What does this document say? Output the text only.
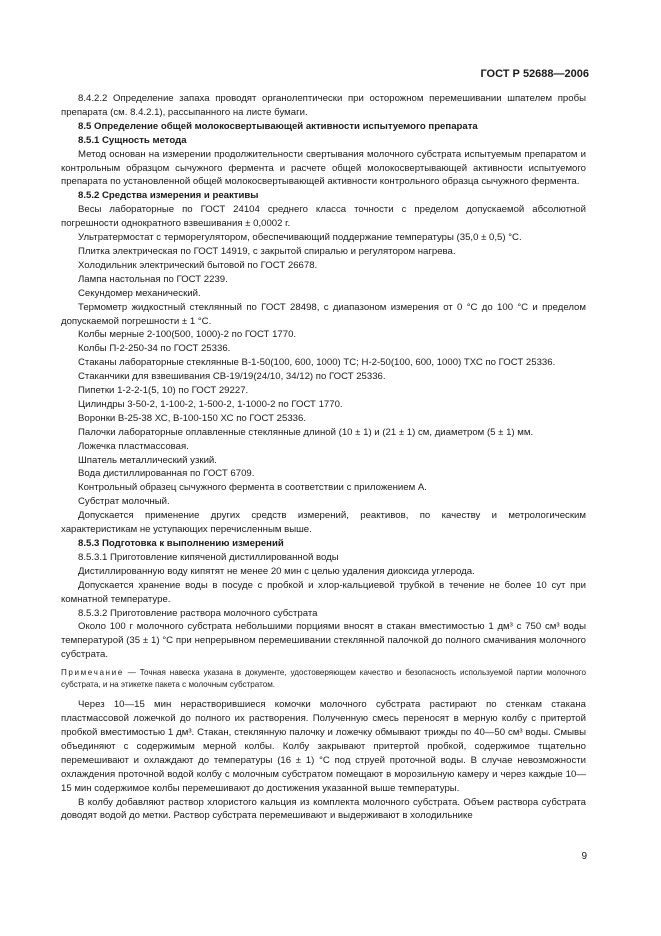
ГОСТ Р 52688—2006

8.4.2.2 Определение запаха проводят органолептически при осторожном перемешивании шпателем пробы препарата (см. 8.4.2.1), рассыпанного на листе бумаги.

8.5 Определение общей молокосвертывающей активности испытуемого препарата

8.5.1 Сущность метода

Метод основан на измерении продолжительности свертывания молочного субстрата испытуемым препаратом и контрольным образцом сычужного фермента и расчете общей молокосвертывающей активности испытуемого препарата по установленной общей молокосвертывающей активности контрольного образца сычужного фермента.

8.5.2 Средства измерения и реактивы

Весы лабораторные по ГОСТ 24104 среднего класса точности с пределом допускаемой абсолютной погрешности однократного взвешивания ± 0,0002 г.

Ультратермостат с терморегулятором, обеспечивающий поддержание температуры (35,0 ± 0,5) °С.

Плитка электрическая по ГОСТ 14919, с закрытой спиралью и регулятором нагрева.

Холодильник электрический бытовой по ГОСТ 26678.

Лампа настольная по ГОСТ 2239.

Секундомер механический.

Термометр жидкостный стеклянный по ГОСТ 28498, с диапазоном измерения от 0 °С до 100 °С и пределом допускаемой погрешности ± 1 °С.

Колбы мерные 2-100(500, 1000)-2 по ГОСТ 1770.

Колбы П-2-250-34 по ГОСТ 25336.

Стаканы лабораторные стеклянные В-1-50(100, 600, 1000) ТС; Н-2-50(100, 600, 1000) ТХС по ГОСТ 25336.

Стаканчики для взвешивания СВ-19/19(24/10, 34/12) по ГОСТ 25336.

Пипетки 1-2-2-1(5, 10) по ГОСТ 29227.

Цилиндры 3-50-2, 1-100-2, 1-500-2, 1-1000-2 по ГОСТ 1770.

Воронки В-25-38 ХС, В-100-150 ХС по ГОСТ 25336.

Палочки лабораторные оплавленные стеклянные длиной (10 ± 1) и (21 ± 1) см, диаметром (5 ± 1) мм.

Ложечка пластмассовая.

Шпатель металлический узкий.

Вода дистиллированная по ГОСТ 6709.

Контрольный образец сычужного фермента в соответствии с приложением А.

Субстрат молочный.

Допускается применение других средств измерений, реактивов, по качеству и метрологическим характеристикам не уступающих перечисленным выше.

8.5.3 Подготовка к выполнению измерений

8.5.3.1 Приготовление кипяченой дистиллированной воды

Дистиллированную воду кипятят не менее 20 мин с целью удаления диоксида углерода.

Допускается хранение воды в посуде с пробкой и хлор-кальциевой трубкой в течение не более 10 сут при комнатной температуре.

8.5.3.2 Приготовление раствора молочного субстрата

Около 100 г молочного субстрата небольшими порциями вносят в стакан вместимостью 1 дм³ с 750 см³ воды температурой (35 ± 1) °С при непрерывном перемешивании стеклянной палочкой до полного смачивания молочного субстрата.

Примечание — Точная навеска указана в документе, удостоверяющем качество и безопасность используемой партии молочного субстрата, и на этикетке пакета с молочным субстратом.

Через 10—15 мин нерастворившиеся комочки молочного субстрата растирают по стенкам стакана пластмассовой ложечкой до полного их растворения. Полученную смесь переносят в мерную колбу с притертой пробкой вместимостью 1 дм³. Стакан, стеклянную палочку и ложечку обмывают трижды по 40—50 см³ воды. Смывы объединяют с содержимым мерной колбы. Колбу закрывают притертой пробкой, содержимое тщательно перемешивают и охлаждают до температуры (16 ± 1) °С под струей проточной воды. В случае невозможности охлаждения проточной водой колбу с молочным субстратом помещают в морозильную камеру и через каждые 10—15 мин содержимое колбы перемешивают до достижения указанной выше температуры.

В колбу добавляют раствор хлористого кальция из комплекта молочного субстрата. Объем раствора субстрата доводят водой до метки. Раствор субстрата перемешивают и выдерживают в холодильнике

9
